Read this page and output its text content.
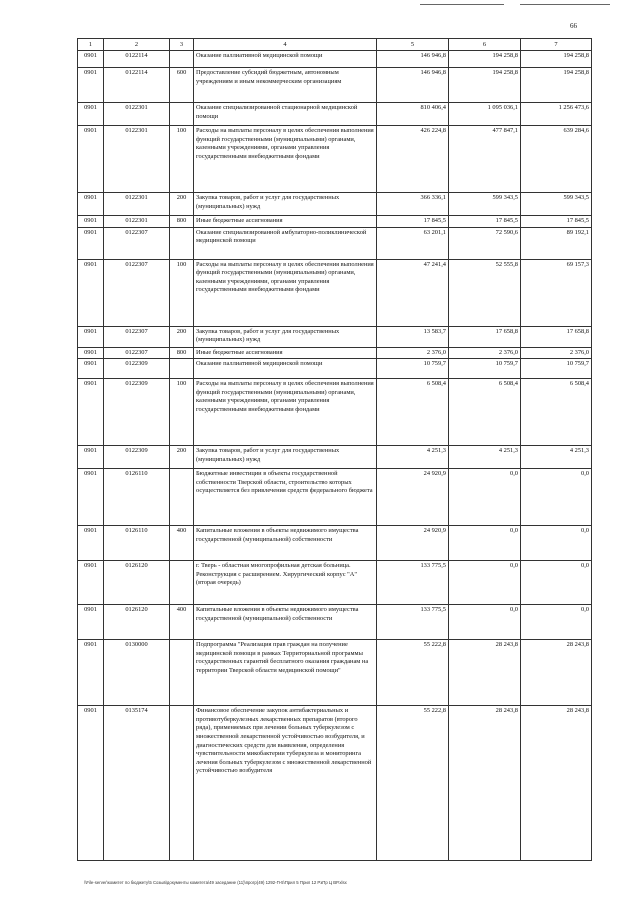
66
1	2	3	4	5	6	7
0901	0122114		Оказание паллиативной медицинской помощи	146 946,8	194 258,8	194 258,8
0901	0122114	600	Предоставление субсидий бюджетным, автономным учреждениям и иным некоммерческим организациям	146 946,8	194 258,8	194 258,8
0901	0122301		Оказание специализированной стационарной медицинской помощи	810 406,4	1 095 036,1	1 256 473,6
0901	0122301	100	Расходы на выплаты персоналу в целях обеспечения выполнения функций государственными (муниципальными) органами, казенными учреждениями, органами управления государственными внебюджетными фондами	426 224,8	477 847,1	639 284,6
0901	0122301	200	Закупка товаров, работ и услуг для государственных (муниципальных) нужд	366 336,1	599 343,5	599 343,5
0901	0122301	800	Иные бюджетные ассигнования	17 845,5	17 845,5	17 845,5
0901	0122307		Оказание специализированной амбулаторно-поликлинической медицинской помощи	63 201,1	72 590,6	89 192,1
0901	0122307	100	Расходы на выплаты персоналу в целях обеспечения выполнения функций государственными (муниципальными) органами, казенными учреждениями, органами управления государственными внебюджетными фондами	47 241,4	52 555,8	69 157,3
0901	0122307	200	Закупка товаров, работ и услуг для государственных (муниципальных) нужд	13 583,7	17 658,8	17 658,8
0901	0122307	800	Иные бюджетные ассигнования	2 376,0	2 376,0	2 376,0
0901	0122309		Оказание паллиативной медицинской помощи	10 759,7	10 759,7	10 759,7
0901	0122309	100	Расходы на выплаты персоналу в целях обеспечения выполнения функций государственными (муниципальными) органами, казенными учреждениями, органами управления государственными внебюджетными фондами	6 508,4	6 508,4	6 508,4
0901	0122309	200	Закупка товаров, работ и услуг для государственных (муниципальных) нужд	4 251,3	4 251,3	4 251,3
0901	0126110		Бюджетные инвестиции в объекты государственной собственности Тверской области, строительство которых осуществляется без привлечения средств федерального бюджета	24 920,9	0,0	0,0
0901	0126110	400	Капитальные вложения в объекты недвижимого имущества государственной (муниципальной) собственности	24 920,9	0,0	0,0
0901	0126120		г. Тверь - областная многопрофильная детская больница. Реконструкция с расширением. Хирургический корпус "А" (вторая очередь)	133 775,5	0,0	0,0
0901	0126120	400	Капитальные вложения в объекты недвижимого имущества государственной (муниципальной) собственности	133 775,5	0,0	0,0
0901	0130000		Подпрограмма "Реализация прав граждан на получение медицинской помощи в рамках Территориальной программы государственных гарантий бесплатного оказания гражданам на территории Тверской области медицинской помощи"	55 222,8	28 243,8	28 243,8
0901	0135174		Финансовое обеспечение закупок антибактериальных и противотуберкулезных лекарственных препаратов (второго ряда), применяемых при лечении больных туберкулезом с множественной лекарственной устойчивостью возбудителя, и диагностических средств для выявления, определения чувствительности микобактерии туберкулеза и мониторинга лечения больных туберкулезом с множественной лекарственной устойчивостью возбудителя	55 222,8	28 243,8	28 243,8
\\File-server\комитет по бюджету\5 Созыв\документы комитета\49 заседание (11)\прогр(49) 1292-П-5\Прил 5 Прил 12 РзПр Ц ВР.xlsx
